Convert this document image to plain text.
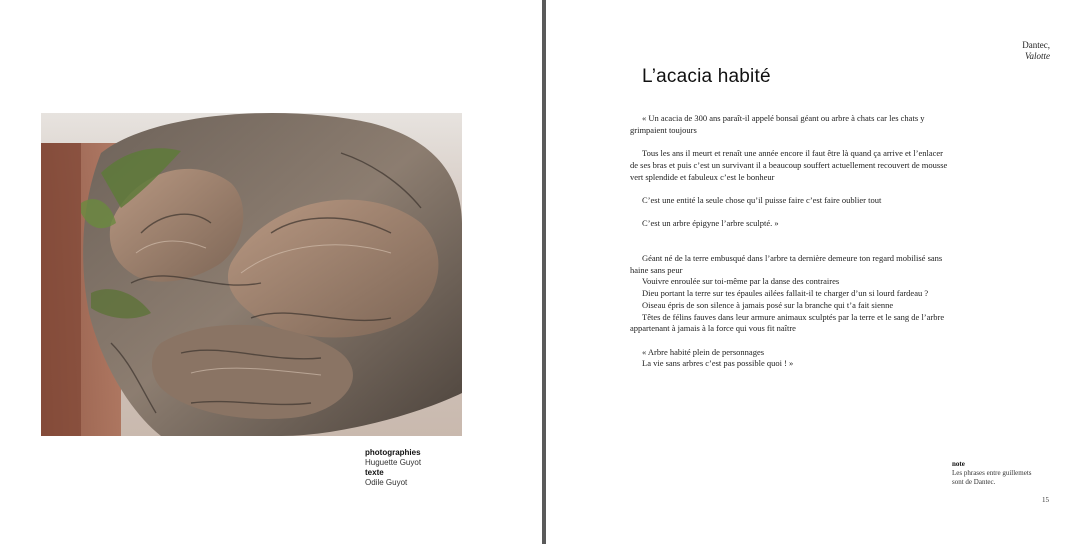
photographies
Huguette Guyot
texte
Odile Guyot
Dantec,
Valotte
L’acacia habité

« Un acacia de 300 ans paraît-il appelé bonsaï géant ou arbre à chats car les chats y grimpaient toujours

Tous les ans il meurt et renaît une année encore il faut être là quand ça arrive et l’enlacer de ses bras et puis c’est un survivant il a beaucoup souffert actuellement recouvert de mousse vert splendide et fabuleux c’est le bonheur

C’est une entité la seule chose qu’il puisse faire c’est faire oublier tout

C’est un arbre épigyne l’arbre sculpté. »

Géant né de la terre embusqué dans l’arbre ta dernière demeure ton regard mobilisé sans haine sans peur

Vouivre enroulée sur toi-même par la danse des contraires

Dieu portant la terre sur tes épaules ailées fallait-il te charger d’un si lourd fardeau ?

Oiseau épris de son silence à jamais posé sur la branche qui t’a fait sienne

Têtes de félins fauves dans leur armure animaux sculptés par la terre et le sang de l’arbre appartenant à jamais à la force qui vous fit naître

« Arbre habité plein de personnages

La vie sans arbres c’est pas possible quoi ! »

note
Les phrases entre guillemets sont de Dantec.
15
